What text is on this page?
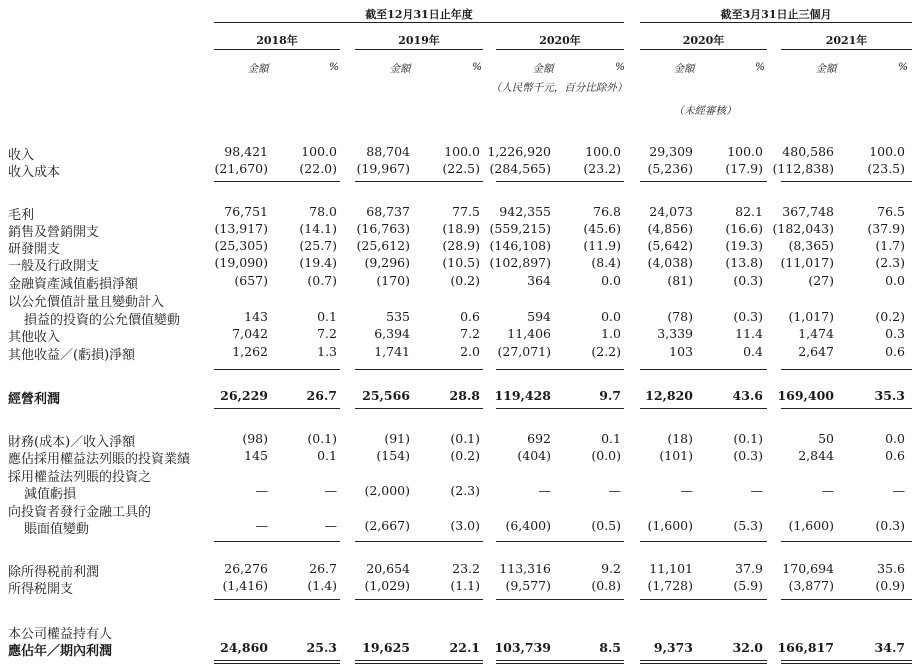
截至12月31日止年度	截至3月31日止三個月
2018年	2019年	2020年	2020年	2021年
金額	%	金額	%	金額	%	金額	%	金額	%
（人民幣千元，百分比除外）
（未經審核）
收入	98,421	100.0	88,704	100.0 1,226,920	100.0	29,309	100.0	480,586	100.0
收入成本	(21,670)	(22.0)	(19,967)	(22.5) (284,565)	(23.2)	(5,236)	(17.9) (112,838)	(23.5)
毛利	76,751	78.0	68,737	77.5	942,355	76.8	24,073	82.1	367,748	76.5
銷售及營銷開支	(13,917)	(14.1)	(16,763)	(18.9) (559,215)	(45.6)	(4,856)	(16.6) (182,043)	(37.9)
研發開支	(25,305)	(25.7)	(25,612)	(28.9) (146,108)	(11.9)	(5,642)	(19.3)	(8,365)	(1.7)
一般及行政開支	(19,090)	(19.4)	(9,296)	(10.5) (102,897)	(8.4)	(4,038)	(13.8)	(11,017)	(2.3)
金融資產減值虧損淨額	(657)	(0.7)	(170)	(0.2)	364	0.0	(81)	(0.3)	(27)	0.0
以公允價值計量且變動計入
損益的投資的公允價值變動	143	0.1	535	0.6	594	0.0	(78)	(0.3)	(1,017)	(0.2)
其他收入	7,042	7.2	6,394	7.2	11,406	1.0	3,339	11.4	1,474	0.3
其他收益／(虧損)淨額	1,262	1.3	1,741	2.0	(27,071)	(2.2)	103	0.4	2,647	0.6
經營利潤	26,229	26.7	25,566	28.8	119,428	9.7	12,820	43.6	169,400	35.3
財務(成本)／收入淨額	(98)	(0.1)	(91)	(0.1)	692	0.1	(18)	(0.1)	50	0.0
應佔採用權益法列賬的投資業績	145	0.1	(154)	(0.2)	(404)	(0.0)	(101)	(0.3)	2,844	0.6
採用權益法列賬的投資之
減值虧損	—	—	(2,000)	(2.3)	—	—	—	—	—	—
向投資者發行金融工具的
賬面值變動	—	—	(2,667)	(3.0)	(6,400)	(0.5)	(1,600)	(5.3)	(1,600)	(0.3)
除所得税前利潤	26,276	26.7	20,654	23.2	113,316	9.2	11,101	37.9	170,694	35.6
所得税開支	(1,416)	(1.4)	(1,029)	(1.1)	(9,577)	(0.8)	(1,728)	(5.9)	(3,877)	(0.9)
本公司權益持有人
應佔年／期內利潤	24,860	25.3	19,625	22.1	103,739	8.5	9,373	32.0	166,817	34.7
